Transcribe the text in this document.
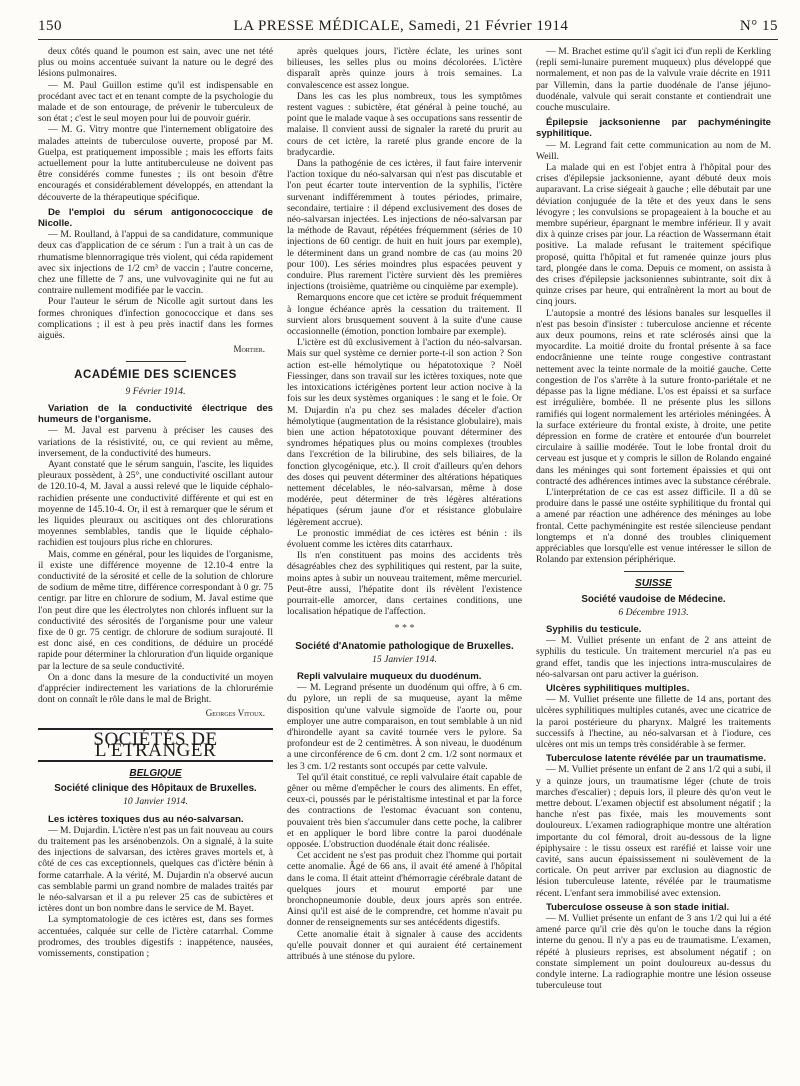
150	LA PRESSE MÉDICALE, Samedi, 21 Février 1914	N° 15

deux côtés quand le poumon est sain, avec une net tété plus ou moins accentuée suivant la nature ou le degré des lésions pulmonaires.

— M. Paul Guillon estime qu'il est indispensable en procédant avec tact et en tenant compte de la psychologie du malade et de son entourage, de prévenir le tuberculeux de son état ; c'est le seul moyen pour lui de pouvoir guérir.

— M. G. Vitry montre que l'internement obligatoire des malades atteints de tuberculose ouverte, proposé par M. Guelpa, est pratiquement impossible ; mais les efforts faits actuellement pour la lutte antituberculeuse ne doivent pas être considérés comme funestes ; ils ont besoin d'être encouragés et considérablement développés, en attendant la découverte de la thérapeutique spécifique.

De l'emploi du sérum antigonococcique de Nicolle.

— M. Roulland, à l'appui de sa candidature, communique deux cas d'application de ce sérum : l'un a trait à un cas de rhumatisme blennorragique très violent, qui céda rapidement avec six injections de 1/2 cm³ de vaccin ; l'autre concerne, chez une fillette de 7 ans, une vulvovaginite qui ne fut au contraire nullement modifiée par le vaccin.

Pour l'auteur le sérum de Nicolle agit surtout dans les formes chroniques d'infection gonococcique et dans ses complications ; il est à peu près inactif dans les formes aiguës.

Mortier.
ACADÉMIE DES SCIENCES
9 Février 1914.

Variation de la conductivité électrique des humeurs de l'organisme.

— M. Javal est parvenu à préciser les causes des variations de la résistivité, ou, ce qui revient au même, inversement, de la conductivité des humeurs.

Ayant constaté que le sérum sanguin, l'ascite, les liquides pleuraux possèdent, à 25°, une conductivité oscillant autour de 120.10-4, M. Javal a aussi relevé que le liquide céphalo-rachidien présente une conductivité différente et qui est en moyenne de 145.10-4. Or, il est à remarquer que le sérum et les liquides pleuraux ou ascitiques ont des chlorurations moyennes semblables, tandis que le liquide céphalo-rachidien est toujours plus riche en chlorures.

Mais, comme en général, pour les liquides de l'organisme, il existe une différence moyenne de 12.10-4 entre la conductivité de la sérosité et celle de la solution de chlorure de sodium de même titre, différence correspondant à 0 gr. 75 centigr. par litre en chlorure de sodium, M. Javal estime que l'on peut dire que les électrolytes non chlorés influent sur la conductivité des sérosités de l'organisme pour une valeur fixe de 0 gr. 75 centigr. de chlorure de sodium surajouté. Il est donc aisé, en ces conditions, de déduire un procédé rapide pour déterminer la chloruration d'un liquide organique par la lecture de sa seule conductivité.

On a donc dans la mesure de la conductivité un moyen d'apprécier indirectement les variations de la chlorurémie dont on connaît le rôle dans le mal de Bright.

Georges Vitoux.
SOCIÉTÉS DE L'ÉTRANGER
BELGIQUE
Société clinique des Hôpitaux de Bruxelles.
10 Janvier 1914.

Les ictères toxiques dus au néo-salvarsan.

— M. Dujardin. L'ictère n'est pas un fait nouveau au cours du traitement pas les arsénobenzols. On a signalé, à la suite des injections de salvarsan, des ictères graves mortels et, à côté de ces cas exceptionnels, quelques cas d'ictère bénin à forme catarrhale. A la vérité, M. Dujardin n'a observé aucun cas semblable parmi un grand nombre de malades traités par le néo-salvarsan et il a pu relever 25 cas de subictères et ictères dont un bon nombre dans le service de M. Bayet.

La symptomatologie de ces ictères est, dans ses formes accentuées, calquée sur celle de l'ictère catarrhal. Comme prodromes, des troubles digestifs : inappétence, nausées, vomissements, constipation ;

après quelques jours, l'ictère éclate, les urines sont bilieuses, les selles plus ou moins décolorées. L'ictère disparaît après quinze jours à trois semaines. La convalescence est assez longue.

Dans les cas les plus nombreux, tous les symptômes restent vagues : subictère, état général à peine touché, au point que le malade vaque à ses occupations sans ressentir de malaise. Il convient aussi de signaler la rareté du prurit au cours de cet ictère, la rareté plus grande encore de la bradycardie.

Dans la pathogénie de ces ictères, il faut faire intervenir l'action toxique du néo-salvarsan qui n'est pas discutable et l'on peut écarter toute intervention de la syphilis, l'ictère survenant indifféremment à toutes périodes, primaire, secondaire, tertiaire : il dépend exclusivement des doses de néo-salvarsan injectées. Les injections de néo-salvarsan par la méthode de Ravaut, répétées fréquemment (séries de 10 injections de 60 centigr. de huit en huit jours par exemple), le déterminent dans un grand nombre de cas (au moins 20 pour 100). Les séries moindres plus espacées peuvent y conduire. Plus rarement l'ictère survient dès les premières injections (troisième, quatrième ou cinquième par exemple).

Remarquons encore que cet ictère se produit fréquemment à longue échéance après la cessation du traitement. Il survient alors brusquement souvent à la suite d'une cause occasionnelle (émotion, ponction lombaire par exemple).

L'ictère est dû exclusivement à l'action du néo-salvarsan. Mais sur quel système ce dernier porte-t-il son action ? Son action est-elle hémolytique ou hépatotoxique ? Noël Fiessinger, dans son travail sur les ictères toxiques, note que les intoxications ictérigènes portent leur action nocive à la fois sur les deux systèmes organiques : le sang et le foie. Or M. Dujardin n'a pu chez ses malades déceler d'action hémolytique (augmentation de la résistance globulaire), mais bien une action hépatotoxique pouvant déterminer des syndromes hépatiques plus ou moins complexes (troubles dans l'excrétion de la bilirubine, des sels biliaires, de la fonction glycogénique, etc.). Il croit d'ailleurs qu'en dehors des doses qui peuvent déterminer des altérations hépatiques nettement décelables, le néo-salvarsan, même à dose modérée, peut déterminer de très légères altérations hépatiques (sérum jaune d'or et résistance globulaire légèrement accrue).

Le pronostic immédiat de ces ictères est bénin : ils évoluent comme les ictères dits catarrhaux.

Ils n'en constituent pas moins des accidents très désagréables chez des syphilitiques qui restent, par la suite, moins aptes à subir un nouveau traitement, même mercuriel. Peut-être aussi, l'hépatite dont ils révèlent l'existence pourrait-elle amorcer, dans certaines conditions, une localisation hépatique de l'affection.

* * *
Société d'Anatomie pathologique de Bruxelles.
15 Janvier 1914.

Repli valvulaire muqueux du duodénum.

— M. Legrand présente un duodénum qui offre, à 6 cm. du pylore, un repli de sa muqueuse, ayant la même disposition qu'une valvule sigmoïde de l'aorte ou, pour employer une autre comparaison, en tout semblable à un nid d'hirondelle ayant sa cavité tournée vers le pylore. Sa profondeur est de 2 centimètres. À son niveau, le duodénum a une circonférence de 6 cm. dont 2 cm. 1/2 sont normaux et les 3 cm. 1/2 restants sont occupés par cette valvule.

Tel qu'il était constitué, ce repli valvulaire était capable de gêner ou même d'empêcher le cours des aliments. En effet, ceux-ci, poussés par le péristaltisme intestinal et par la force des contractions de l'estomac évacuant son contenu, pouvaient très bien s'accumuler dans cette poche, la calibrer et en appliquer le bord libre contre la paroi duodénale opposée. L'obstruction duodénale était donc réalisée.

Cet accident ne s'est pas produit chez l'homme qui portait cette anomalie. Âgé de 66 ans, il avait été amené à l'hôpital dans le coma. Il était atteint d'hémorragie cérébrale datant de quelques jours et mourut emporté par une bronchopneumonie double, deux jours après son entrée. Ainsi qu'il est aisé de le comprendre, cet homme n'avait pu donner de renseignements sur ses antécédents digestifs.

Cette anomalie était à signaler à cause des accidents qu'elle pouvait donner et qui auraient été certainement attribués à une sténose du pylore.

— M. Brachet estime qu'il s'agit ici d'un repli de Kerkling (repli semi-lunaire purement muqueux) plus développé que normalement, et non pas de la valvule vraie décrite en 1911 par Villemin, dans la partie duodénale de l'anse jéjuno-duodénale, valvule qui serait constante et contiendrait une couche musculaire.

Épilepsie jacksonienne par pachyméningite syphilitique.

— M. Legrand fait cette communication au nom de M. Weill.

La malade qui en est l'objet entra à l'hôpital pour des crises d'épilepsie jacksonienne, ayant débuté deux mois auparavant. La crise siégeait à gauche ; elle débutait par une déviation conjuguée de la tête et des yeux dans le sens lévogyre ; les convulsions se propageaient à la bouche et au membre supérieur, épargnant le membre inférieur. Il y avait dix à quinze crises par jour. La réaction de Wassermann était positive. La malade refusant le traitement spécifique proposé, quitta l'hôpital et fut ramenée quinze jours plus tard, plongée dans le coma. Depuis ce moment, on assista à des crises d'épilepsie jacksoniennes subintrante, soit dix à quinze crises par heure, qui entraînèrent la mort au bout de cinq jours.

L'autopsie a montré des lésions banales sur lesquelles il n'est pas besoin d'insister : tuberculose ancienne et récente aux deux poumons, reins et rate sclérosés ainsi que la myocardite. La moitié droite du frontal présente à sa face endocrânienne une teinte rouge congestive contrastant nettement avec la teinte normale de la moitié gauche. Cette congestion de l'os s'arrête à la suture fronto-pariétale et ne dépasse pas la ligne médiane. L'os est épaissi et sa surface est irrégulière, bombée. Il ne présente plus les sillons ramifiés qui logent normalement les artérioles méningées. À la surface extérieure du frontal existe, à droite, une petite dépression en forme de cratère et entourée d'un bourrelet circulaire à saillie modérée. Tout le lobe frontal droit du cerveau est jusque et y compris le sillon de Rolando engainé dans les méninges qui sont fortement épaissies et qui ont contracté des adhérences intimes avec la substance cérébrale.

L'interprétation de ce cas est assez difficile. Il a dû se produire dans le passé une ostéite syphilitique du frontal qui a amené par réaction une adhérence des méninges au lobe frontal. Cette pachyméningite est restée silencieuse pendant longtemps et n'a donné des troubles cliniquement appréciables que lorsqu'elle est venue intéresser le sillon de Rolando par extension périphérique.

SUISSE
Société vaudoise de Médecine.
6 Décembre 1913.

Syphilis du testicule.

— M. Vulliet présente un enfant de 2 ans atteint de syphilis du testicule. Un traitement mercuriel n'a pas eu grand effet, tandis que les injections intra-musculaires de néo-salvarsan ont paru activer la guérison.

Ulcères syphilitiques multiples.

— M. Vulliet présente une fillette de 14 ans, portant des ulcères syphilitiques multiples cutanés, avec une cicatrice de la paroi postérieure du pharynx. Malgré les traitements successifs à l'hectine, au néo-salvarsan et à l'iodure, ces ulcères ont mis un temps très considérable à se fermer.

Tuberculose latente révélée par un traumatisme.

— M. Vulliet présente un enfant de 2 ans 1/2 qui a subi, il y a quinze jours, un traumatisme léger (chute de trois marches d'escalier) ; depuis lors, il pleure dès qu'on veut le mettre debout. L'examen objectif est absolument négatif ; la hanche n'est pas fixée, mais les mouvements sont douloureux. L'examen radiographique montre une altération importante du col fémoral, droit au-dessous de la ligne épiphysaire : le tissu osseux est raréfié et laisse voir une cavité, sans aucun épaississement ni soulèvement de la corticale. On peut arriver par exclusion au diagnostic de lésion tuberculeuse latente, révélée par le traumatisme récent. L'enfant sera immobilisé avec extension.

Tuberculose osseuse à son stade initial.

— M. Vulliet présente un enfant de 3 ans 1/2 qui lui a été amené parce qu'il crie dès qu'on le touche dans la région interne du genou. Il n'y a pas eu de traumatisme. L'examen, répété à plusieurs reprises, est absolument négatif ; on constate simplement un point douloureux au-dessus du condyle interne. La radiographie montre une lésion osseuse tuberculeuse tout
